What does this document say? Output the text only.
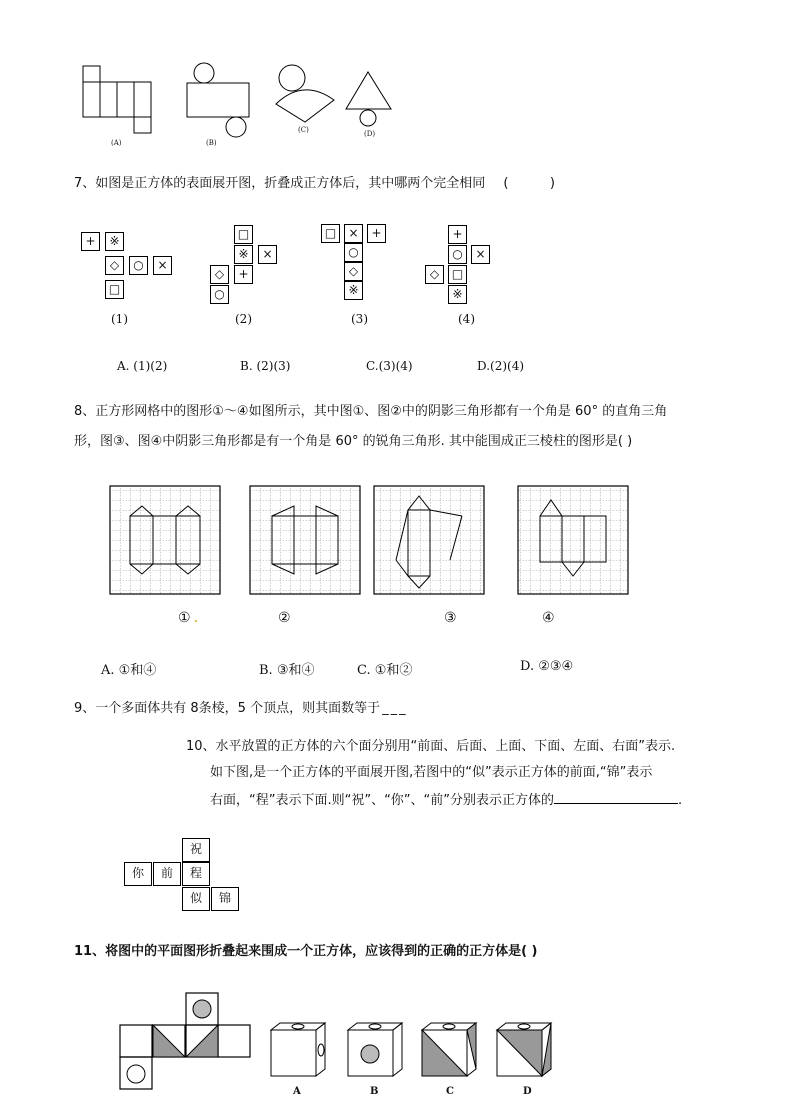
(A)	(B)
(C)	(D)
7、如图是正方体的表面展开图，折叠成正方体后，其中哪两个完全相同 (          )
+	※
◇	○	×
□
(1)
□
※	×
+
◇
○
(2)
□	×	+
○
◇
※
(3)
+
○	×
◇	□
※
(4)
A. (1)(2)	B. (2)(3)	C.(3)(4)	D.(2)(4)
8、正方形网格中的图形①～④如图所示，其中图①、图②中的阴影三角形都有一个角是 60° 的直角三角
形，图③、图④中阴影三角形都是有一个角是 60° 的锐角三角形. 其中能围成正三棱柱的图形是( )
① .	②	③	④
A. ①和④	B. ③和④	C. ①和②	D. ②③④
9、一个多面体共有 8条棱，5 个顶点，则其面数等于 ___
10、水平放置的正方体的六个面分别用“前面、后面、上面、下面、左面、右面”表示.
如下图,是一个正方体的平面展开图,若图中的“似”表示正方体的前面,“锦”表示
右面，“程”表示下面.则“祝”、“你”、“前”分别表示正方体的	.
祝
你	前	程
似	锦
11、将图中的平面图形折叠起来围成一个正方体，应该得到的正确的正方体是( )
A	B	C	D
